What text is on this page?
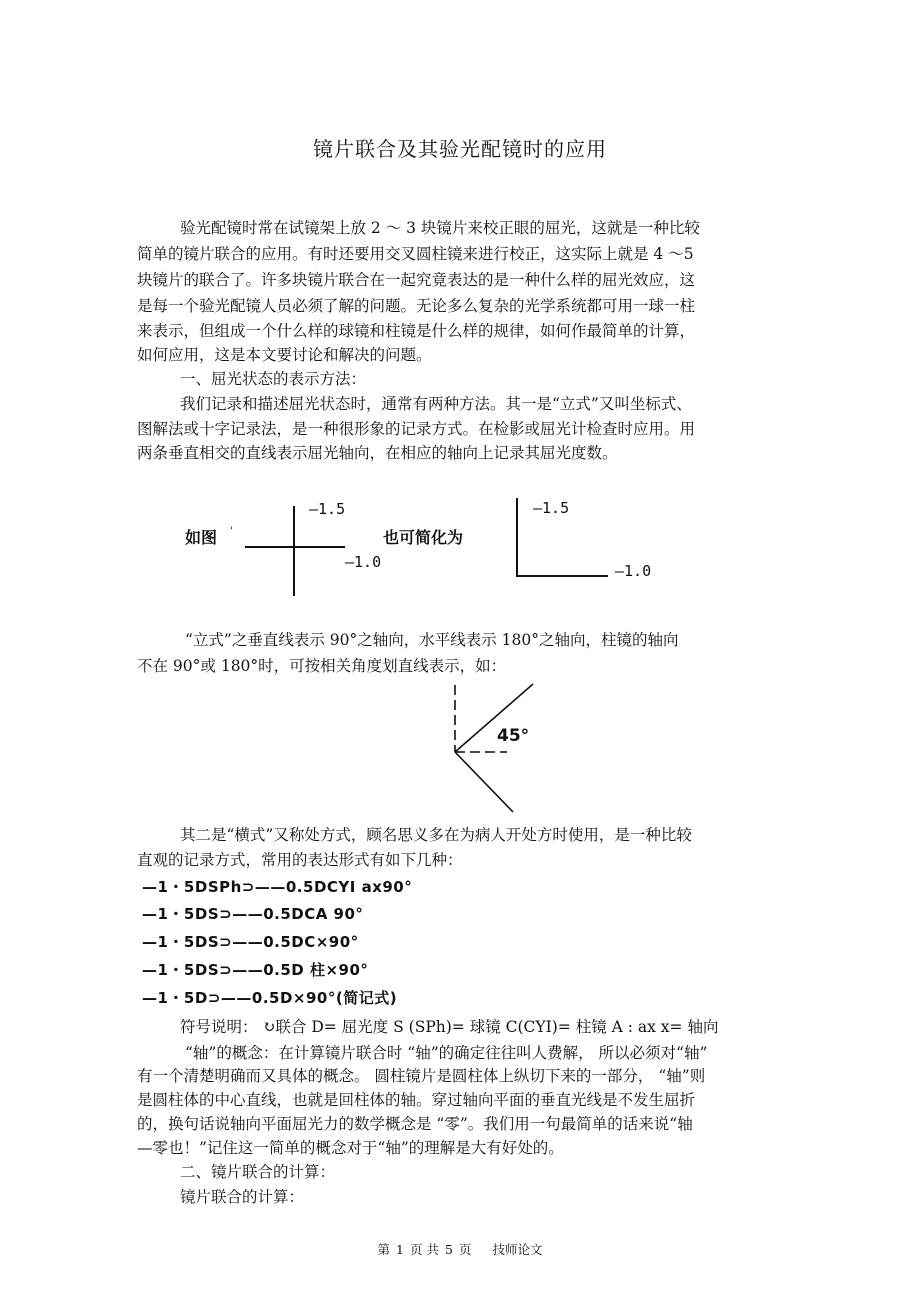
镜片联合及其验光配镜时的应用
验光配镜时常在试镜架上放 2 ～ 3 块镜片来校正眼的屈光，这就是一种比较
简单的镜片联合的应用。有时还要用交叉圆柱镜来进行校正，这实际上就是 4 ～5
块镜片的联合了。许多块镜片联合在一起究竟表达的是一种什么样的屈光效应，这
是每一个验光配镜人员必须了解的问题。无论多么复杂的光学系统都可用一球一柱
来表示，但组成一个什么样的球镜和柱镜是什么样的规律，如何作最简单的计算，
如何应用，这是本文要讨论和解决的问题。
一、屈光状态的表示方法：
我们记录和描述屈光状态时，通常有两种方法。其一是“立式”又叫坐标式、
图解法或十字记录法，是一种很形象的记录方式。在检影或屈光计检查时应用。用
两条垂直相交的直线表示屈光轴向，在相应的轴向上记录其屈光度数。
如图 '
—1.5
—1.0
也可简化为
—1.5
—1.0
“立式”之垂直线表示 90°之轴向，水平线表示 180°之轴向，柱镜的轴向
不在 90°或 180°时，可按相关角度划直线表示，如：
45°
其二是“横式”又称处方式，顾名思义多在为病人开处方时使用，是一种比较
直观的记录方式，常用的表达形式有如下几种：
—1・5DSPh⊃——0.5DCYI ax90°
—1・5DS⊃——0.5DCA 90°
—1・5DS⊃——0.5DC×90°
—1・5DS⊃——0.5D 柱×90°
—1・5D⊃——0.5D×90°(简记式)
符号说明： ↻联合 D= 屈光度 S (SPh)= 球镜 C(CYI)= 柱镜 A : ax x= 轴向
“轴”的概念：在计算镜片联合时 “轴”的确定往往叫人费解， 所以必须对“轴”
有一个清楚明确而又具体的概念。 圆柱镜片是圆柱体上纵切下来的一部分， “轴”则
是圆柱体的中心直线，也就是回柱体的轴。穿过轴向平面的垂直光线是不发生屈折
的，换句话说轴向平面屈光力的数学概念是 “零”。我们用一句最简单的话来说“轴
—零也！”记住这一简单的概念对于“轴”的理解是大有好处的。
二、镜片联合的计算：
镜片联合的计算：
第 1 页 共 5 页 技师论文
